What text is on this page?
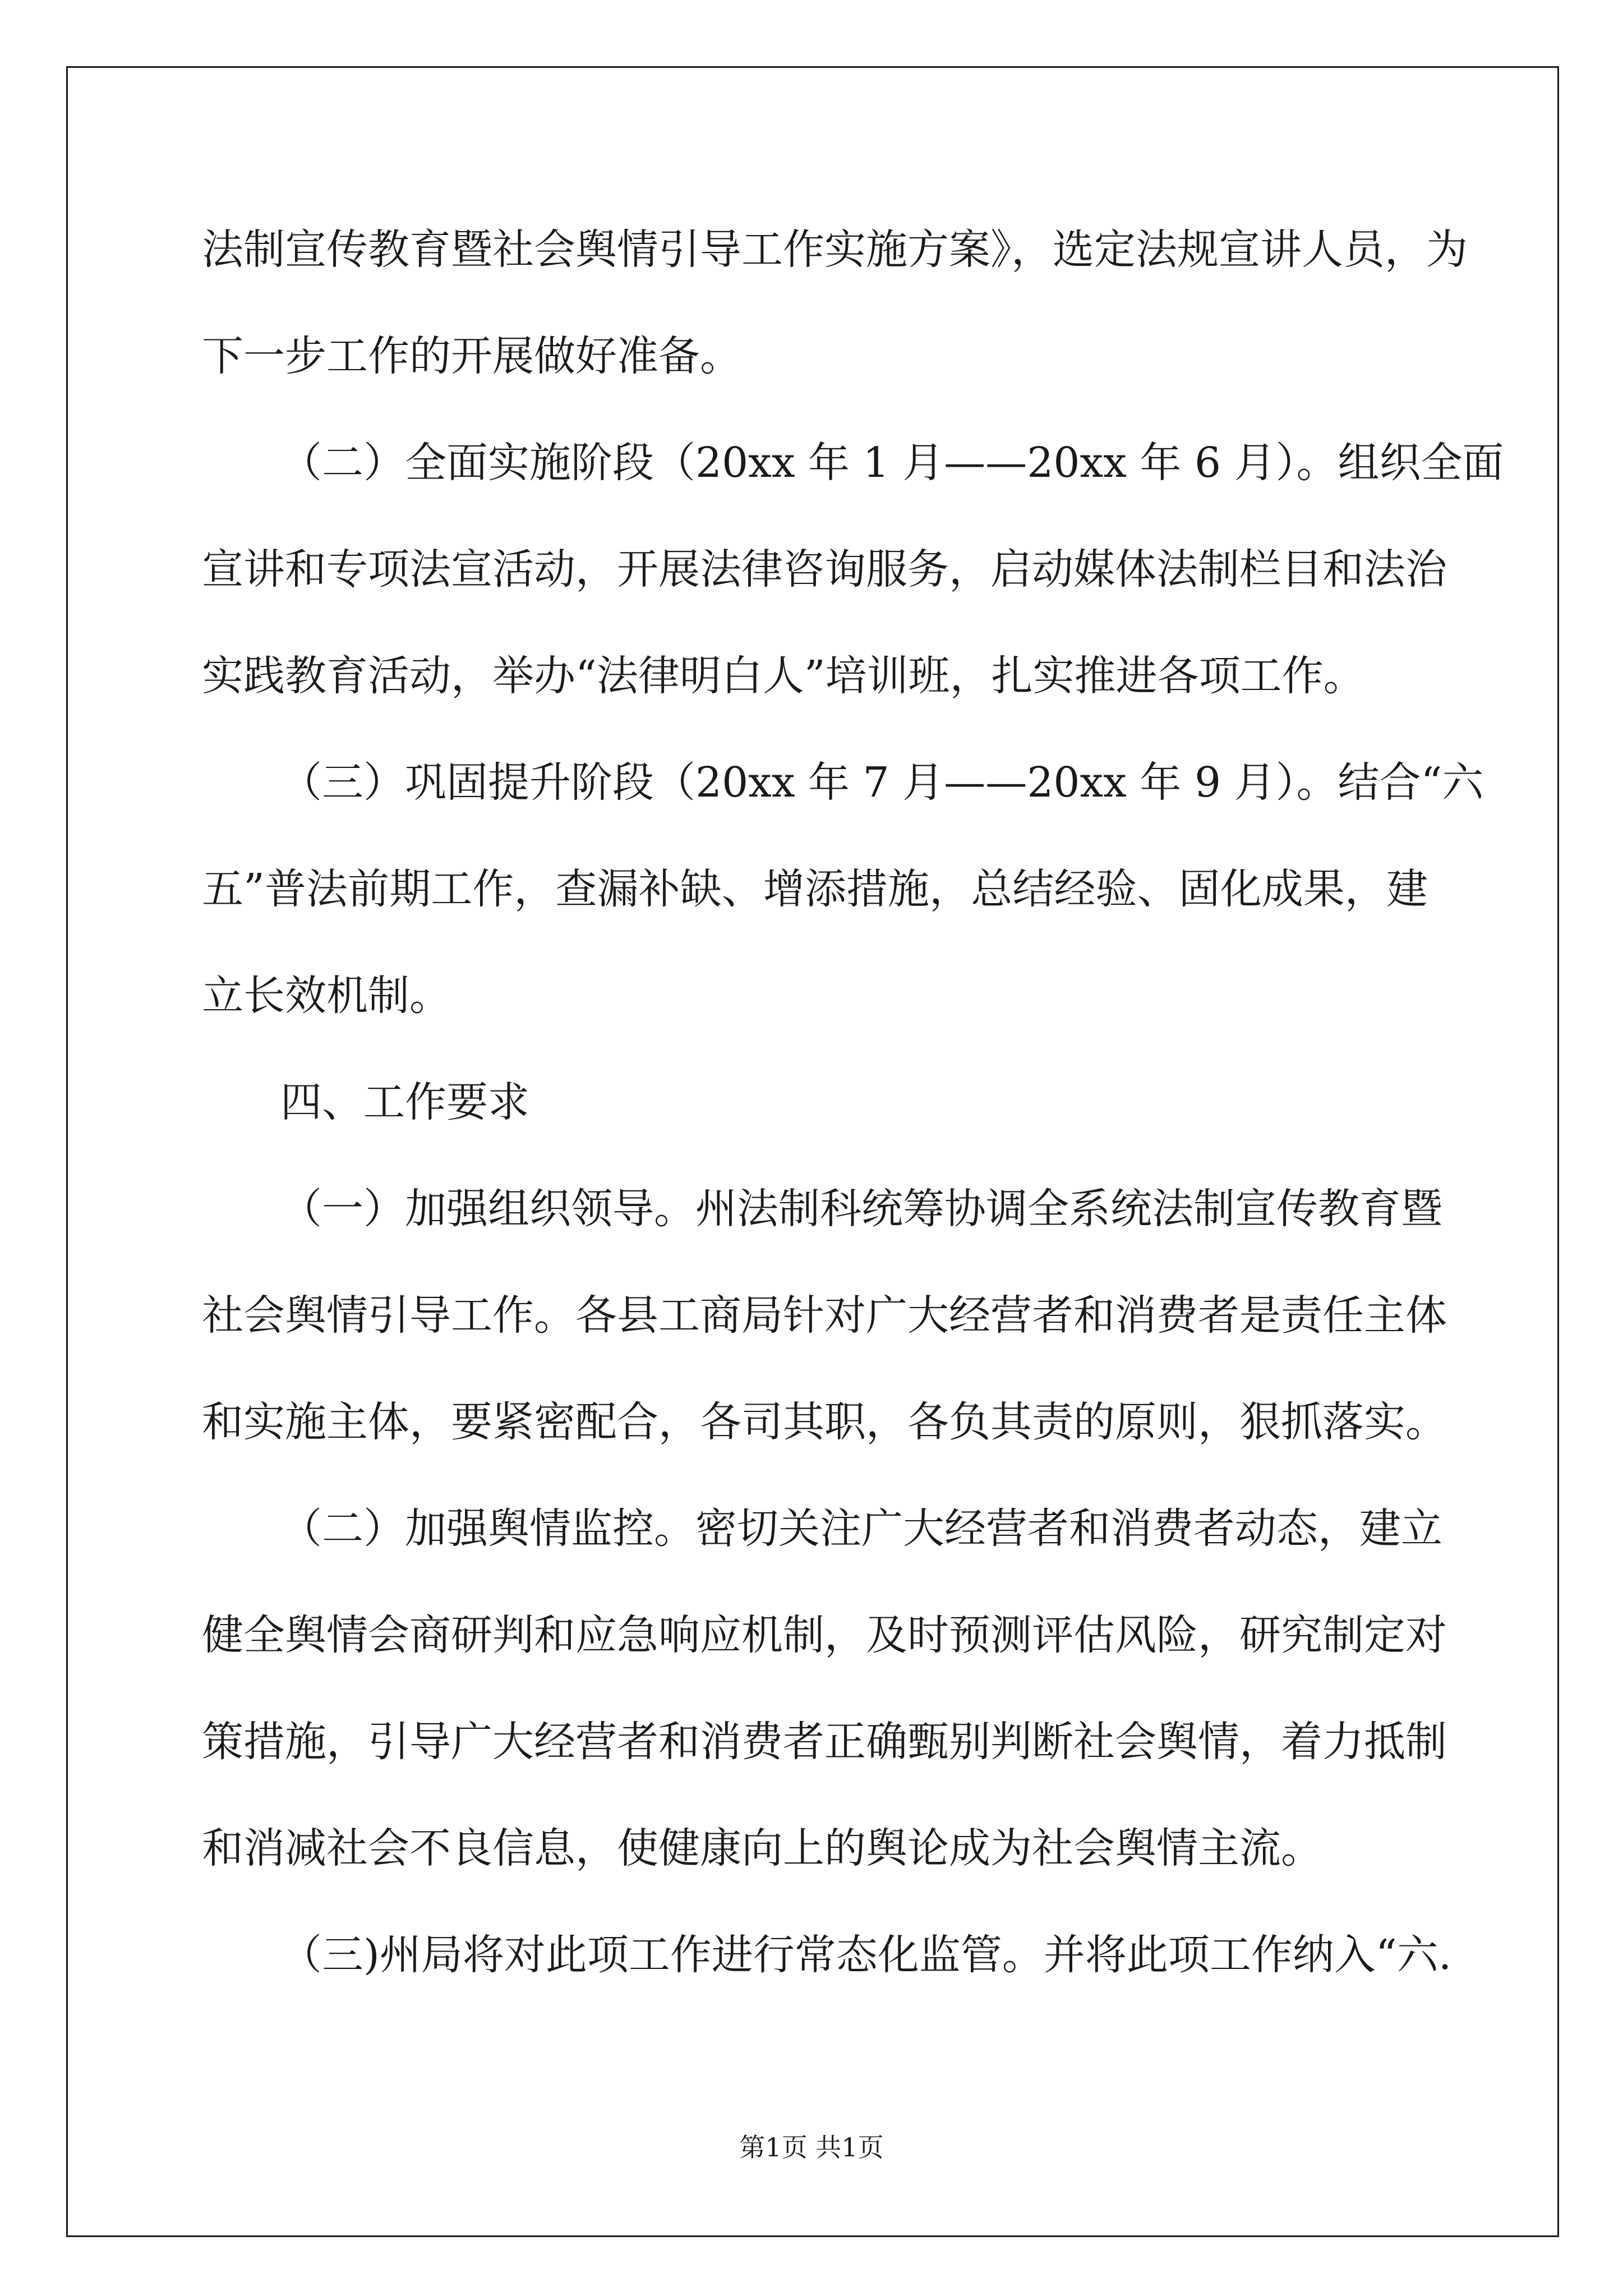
法制宣传教育暨社会舆情引导工作实施方案》，选定法规宣讲人员，为
下一步工作的开展做好准备。
（二）全面实施阶段（20xx 年 1 月——20xx 年 6 月）。组织全面
宣讲和专项法宣活动，开展法律咨询服务，启动媒体法制栏目和法治
实践教育活动，举办“法律明白人”培训班，扎实推进各项工作。
（三）巩固提升阶段（20xx 年 7 月——20xx 年 9 月）。结合“六
五”普法前期工作，查漏补缺、增添措施，总结经验、固化成果，建
立长效机制。
四、工作要求
（一）加强组织领导。州法制科统筹协调全系统法制宣传教育暨
社会舆情引导工作。各县工商局针对广大经营者和消费者是责任主体
和实施主体，要紧密配合，各司其职，各负其责的原则，狠抓落实。
（二）加强舆情监控。密切关注广大经营者和消费者动态，建立
健全舆情会商研判和应急响应机制，及时预测评估风险，研究制定对
策措施，引导广大经营者和消费者正确甄别判断社会舆情，着力抵制
和消减社会不良信息，使健康向上的舆论成为社会舆情主流。
（三)州局将对此项工作进行常态化监管。并将此项工作纳入“六.
第1页 共1页
